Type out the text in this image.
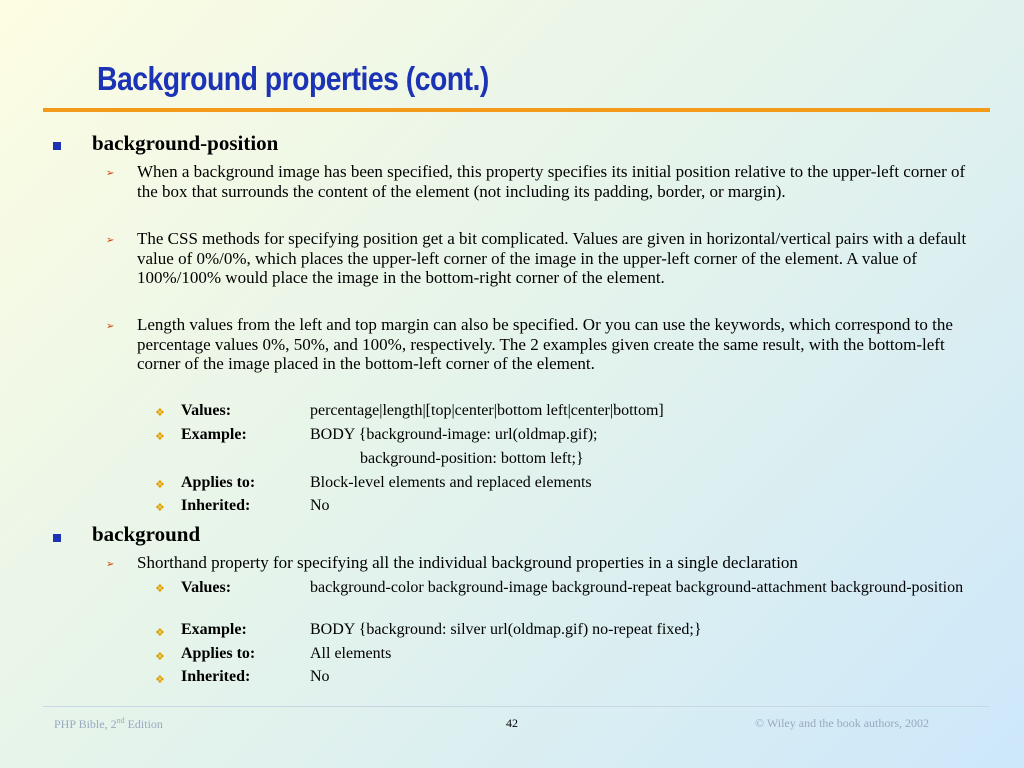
Background properties (cont.)
background-position
➢ When a background image has been specified, this property specifies its initial position relative to the upper-left corner of the box that surrounds the content of the element (not including its padding, border, or margin).
➢ The CSS methods for specifying position get a bit complicated. Values are given in horizontal/vertical pairs with a default value of 0%/0%, which places the upper-left corner of the image in the upper-left corner of the element. A value of 100%/100% would place the image in the bottom-right corner of the element.
➢ Length values from the left and top margin can also be specified. Or you can use the keywords, which correspond to the percentage values 0%, 50%, and 100%, respectively. The 2 examples given create the same result, with the bottom-left corner of the image placed in the bottom-left corner of the element.
❖ Values:	percentage|length|[top|center|bottom left|center|bottom]
❖ Example:	BODY {background-image: url(oldmap.gif);
background-position: bottom left;}
❖ Applies to:	Block-level elements and replaced elements
❖ Inherited:	No
background
➢ Shorthand property for specifying all the individual background properties in a single declaration
❖ Values:	background-color background-image background-repeat background-attachment background-position
❖ Example:	BODY {background: silver url(oldmap.gif) no-repeat fixed;}
❖ Applies to:	All elements
❖ Inherited:	No
PHP Bible, 2nd Edition	42	© Wiley and the book authors, 2002
